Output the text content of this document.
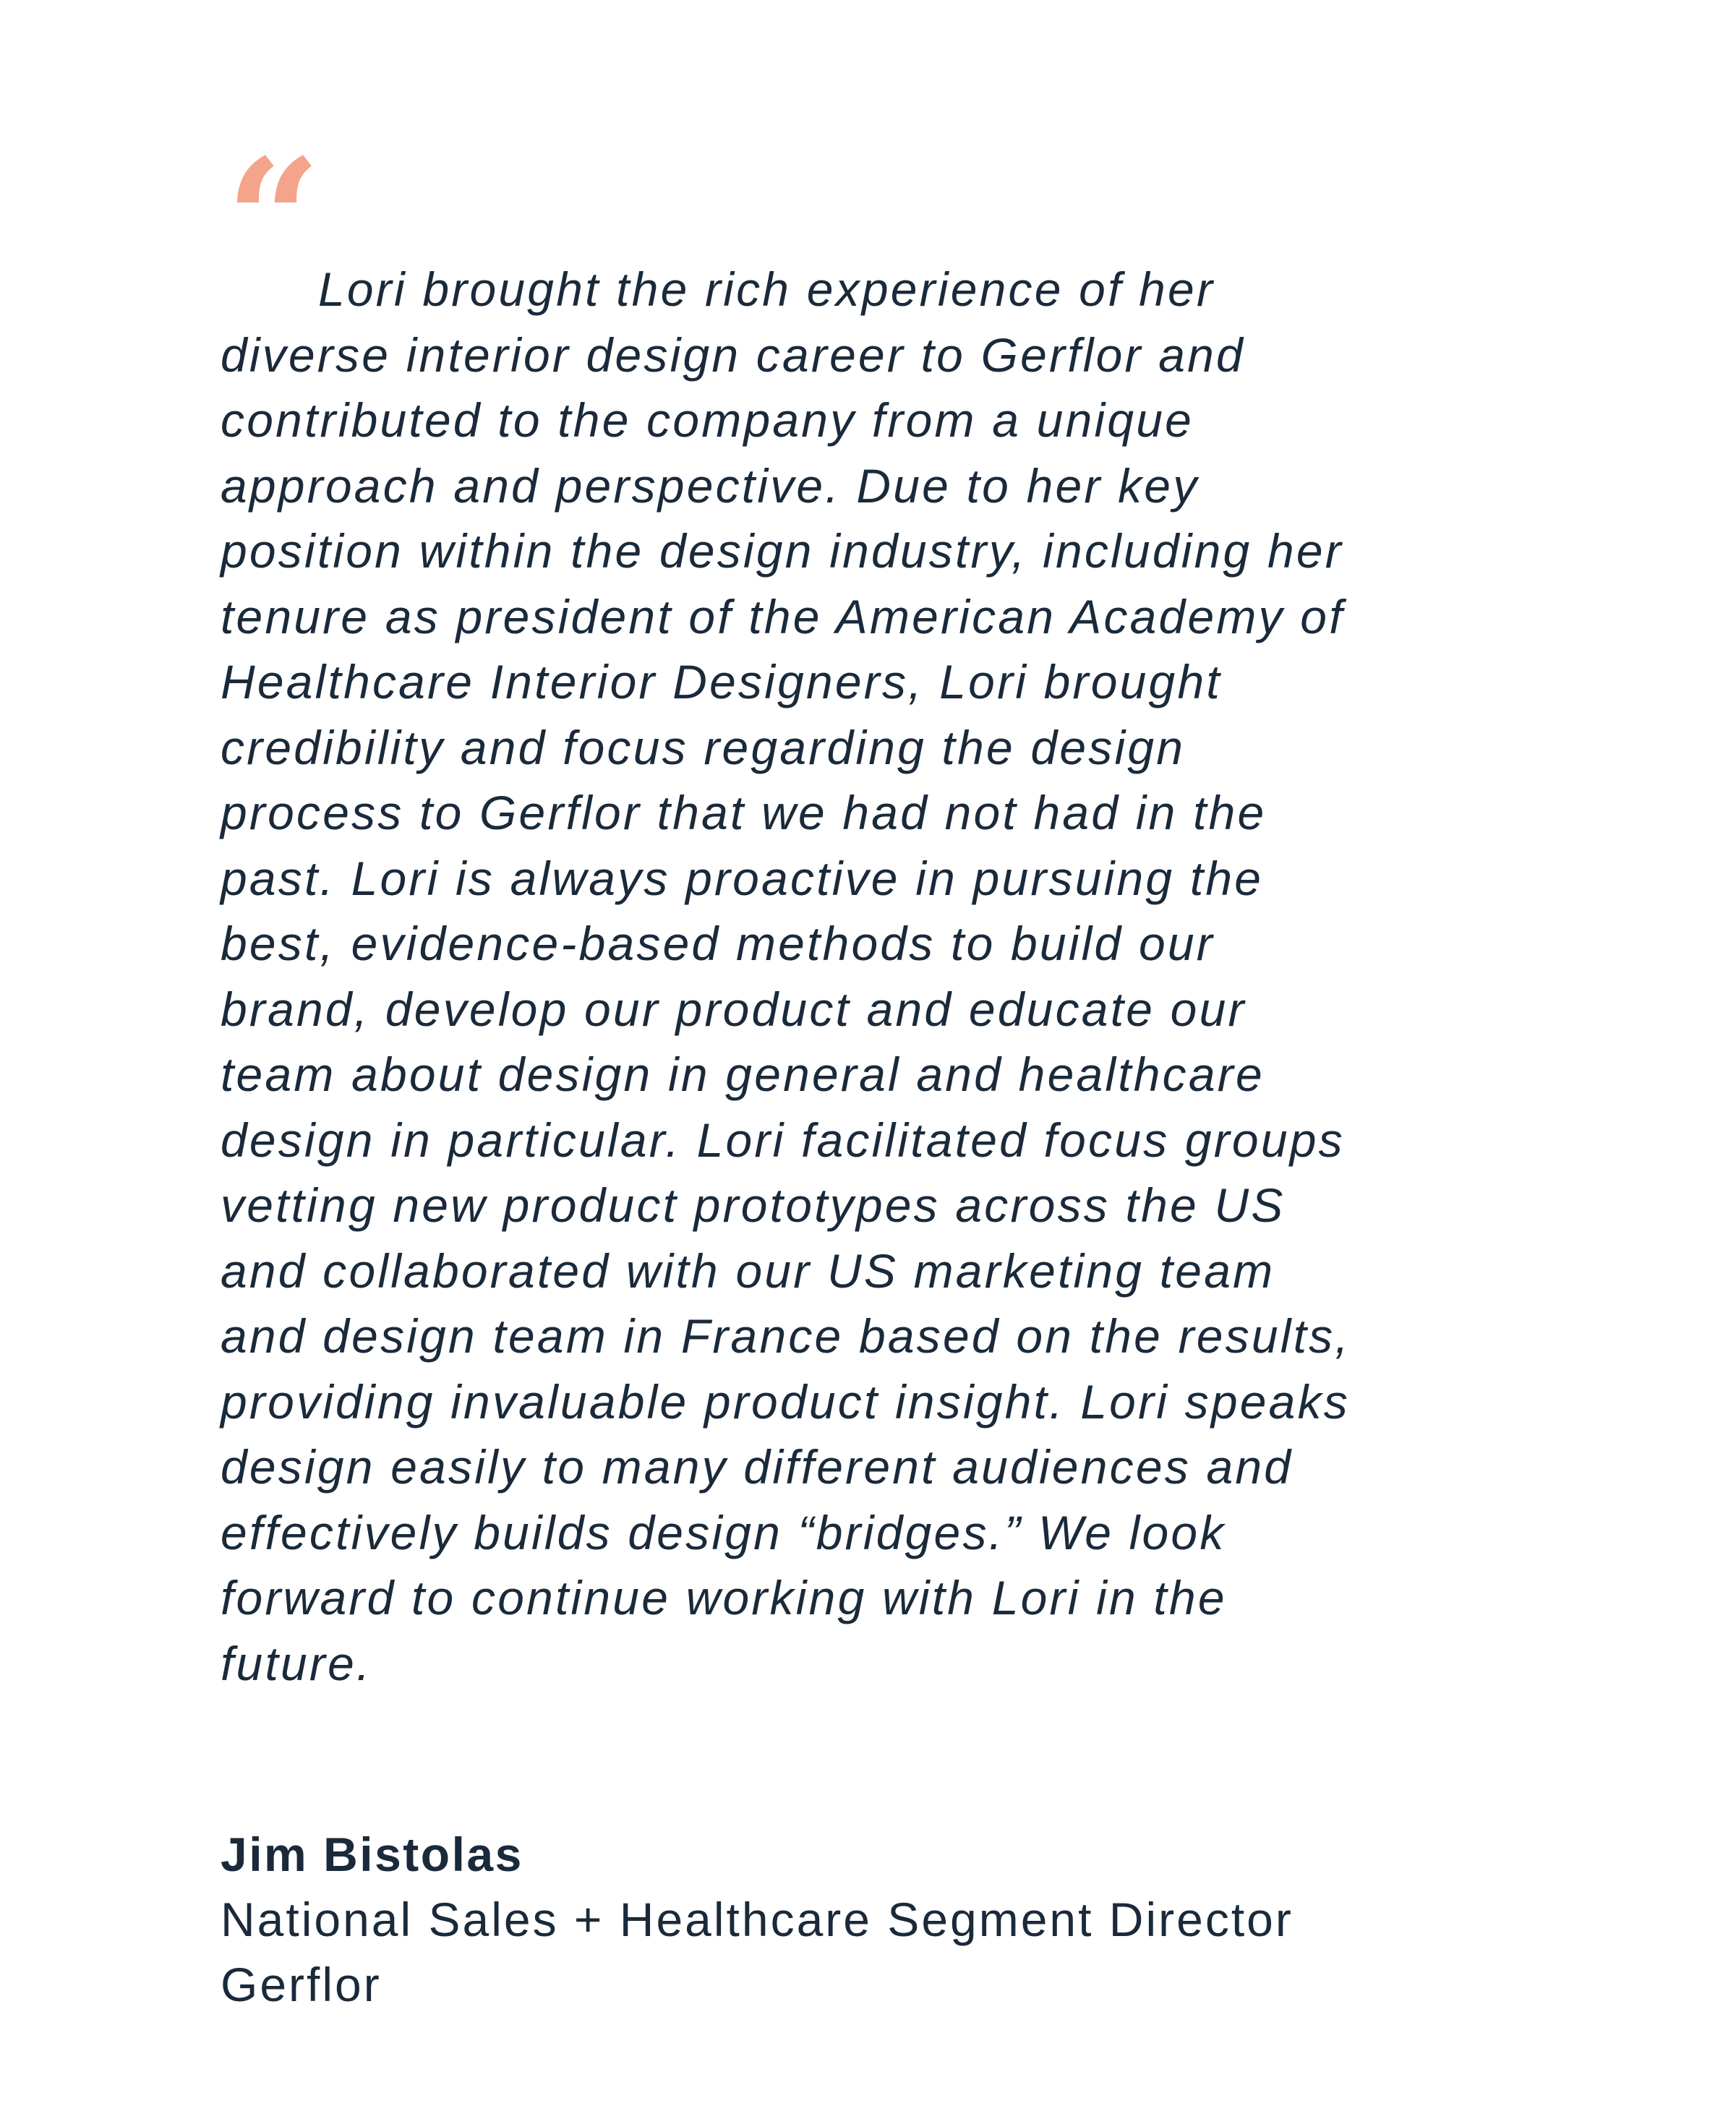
“

Lori brought the rich experience of her
diverse interior design career to Gerflor and
contributed to the company from a unique
approach and perspective. Due to her key
position within the design industry, including her
tenure as president of the American Academy of
Healthcare Interior Designers, Lori brought
credibility and focus regarding the design
process to Gerflor that we had not had in the
past. Lori is always proactive in pursuing the
best, evidence-based methods to build our
brand, develop our product and educate our
team about design in general and healthcare
design in particular. Lori facilitated focus groups
vetting new product prototypes across the US
and collaborated with our US marketing team
and design team in France based on the results,
providing invaluable product insight. Lori speaks
design easily to many different audiences and
effectively builds design “bridges.” We look
forward to continue working with Lori in the
future.

Jim Bistolas
National Sales + Healthcare Segment Director
Gerflor
